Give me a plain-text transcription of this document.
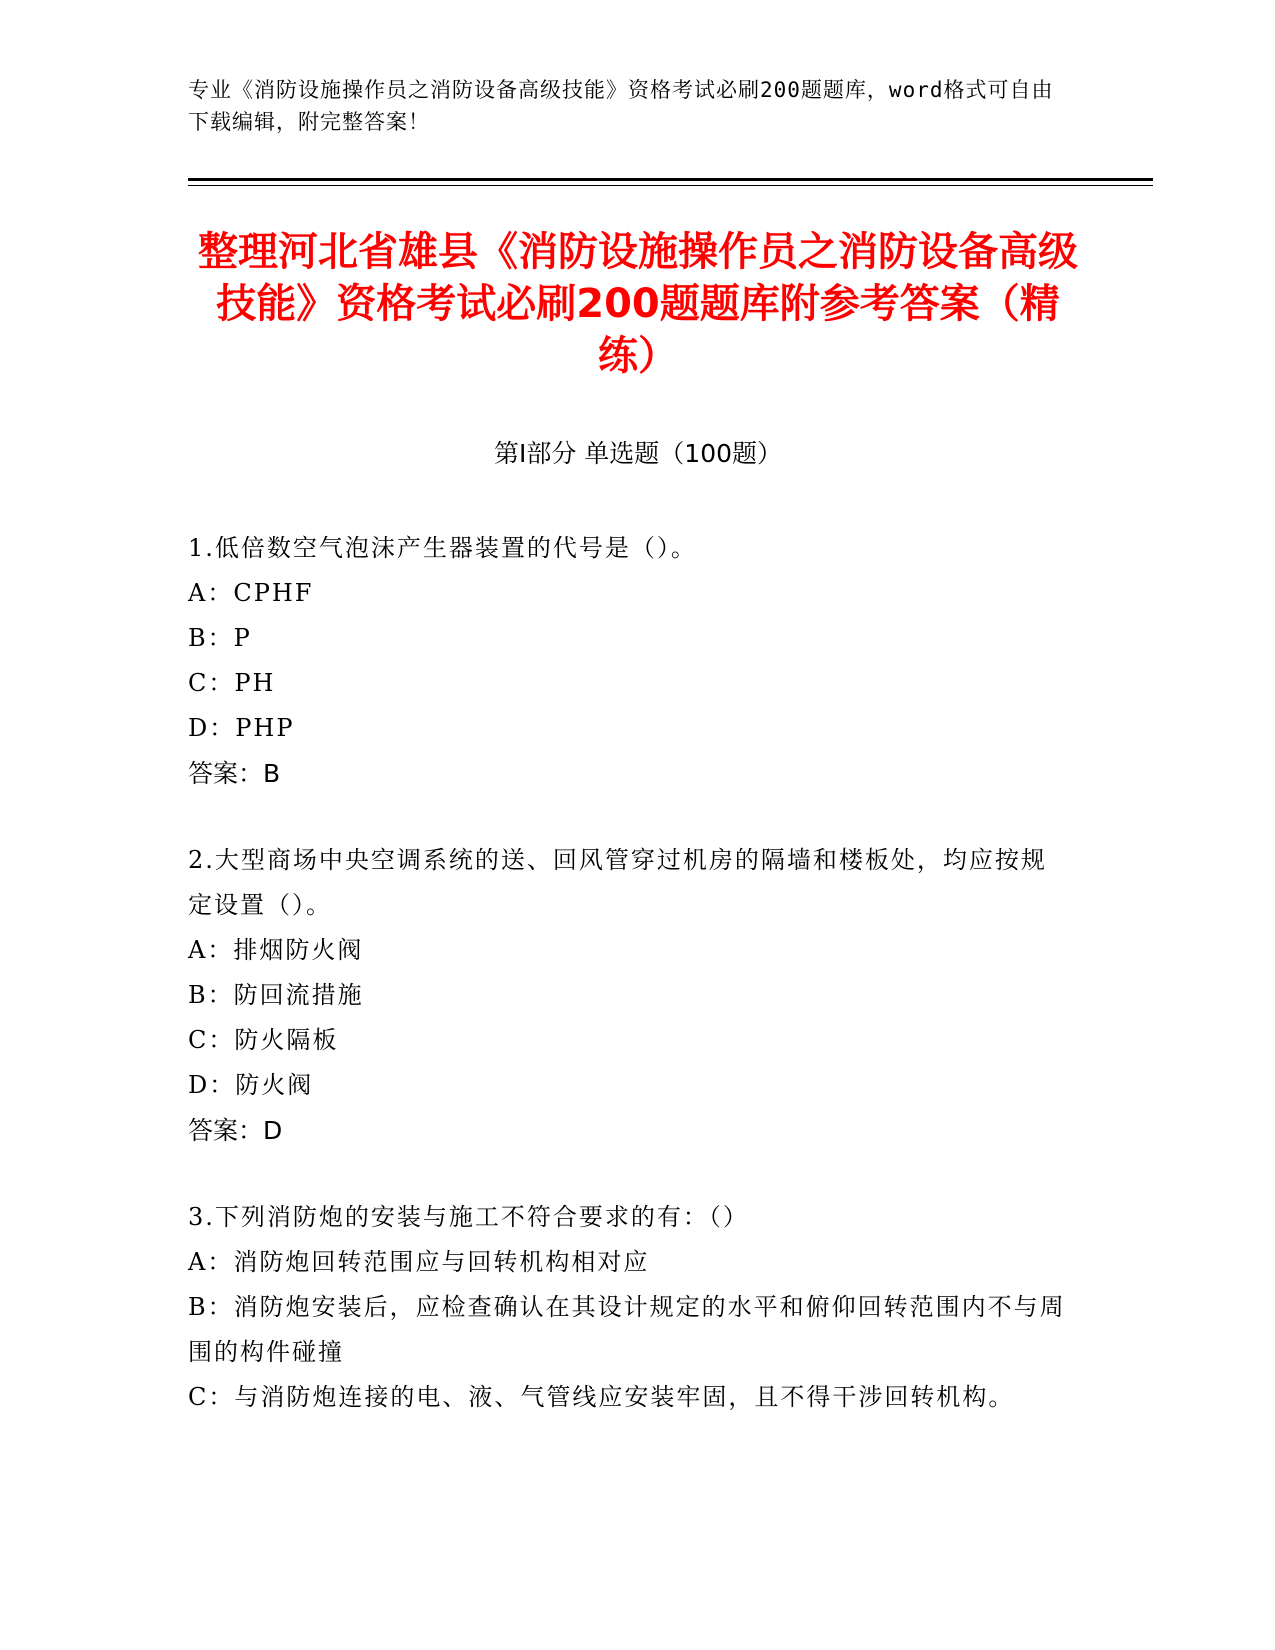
专业《消防设施操作员之消防设备高级技能》资格考试必刷200题题库，word格式可自由下载编辑，附完整答案！
整理河北省雄县《消防设施操作员之消防设备高级技能》资格考试必刷200题题库附参考答案（精练）
第I部分 单选题（100题）

1.低倍数空气泡沫产生器装置的代号是（）。

A：CPHF

B：P

C：PH

D：PHP

答案：B

2.大型商场中央空调系统的送、回风管穿过机房的隔墙和楼板处，均应按规定设置（）。

A：排烟防火阀

B：防回流措施

C：防火隔板

D：防火阀

答案：D

3.下列消防炮的安装与施工不符合要求的有：（）

A：消防炮回转范围应与回转机构相对应

B：消防炮安装后，应检查确认在其设计规定的水平和俯仰回转范围内不与周围的构件碰撞

C：与消防炮连接的电、液、气管线应安装牢固，且不得干涉回转机构。
